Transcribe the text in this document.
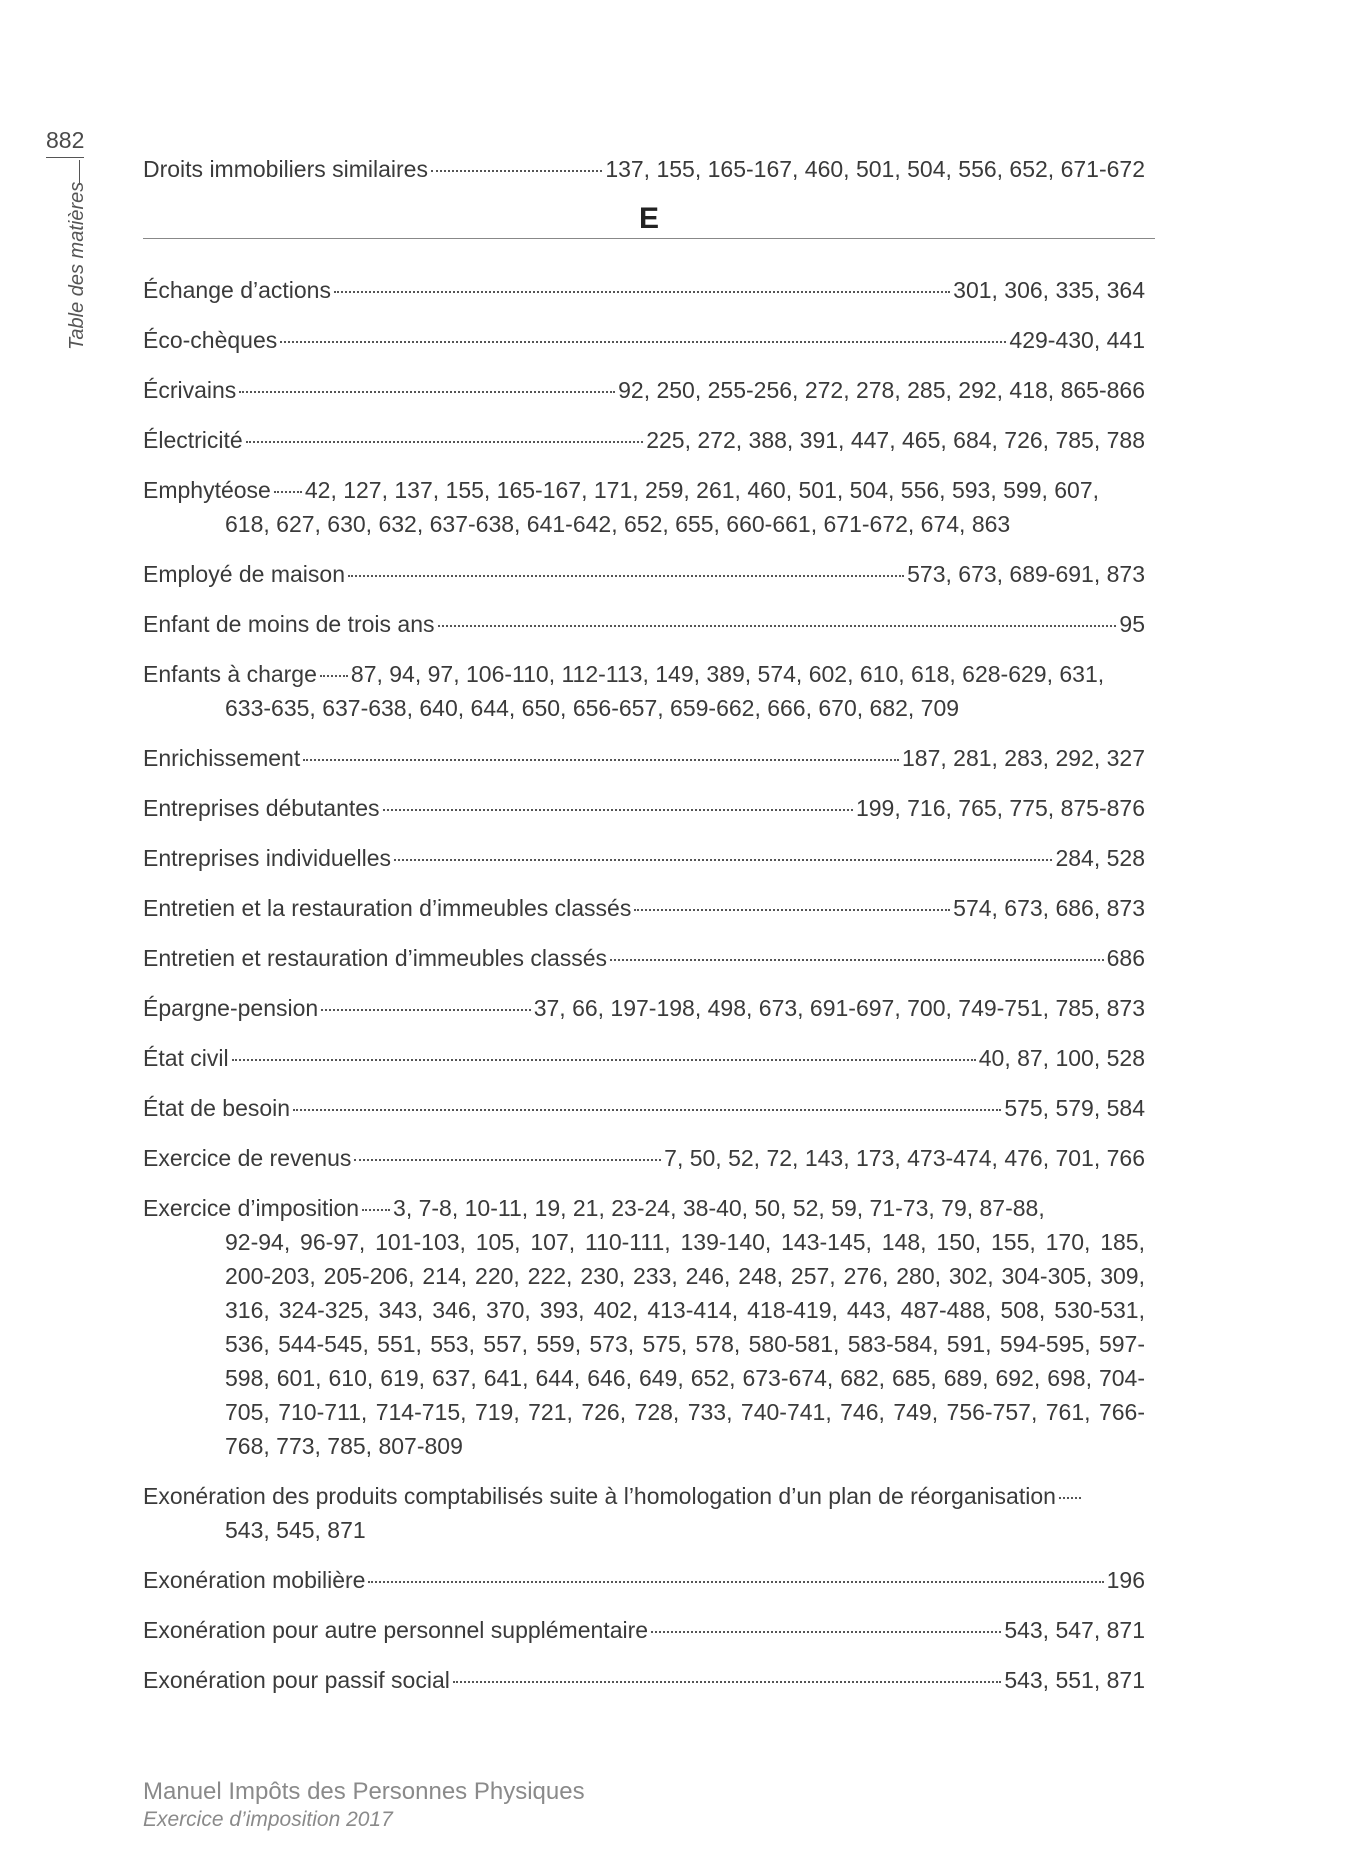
882
Table des matières
Droits immobiliers similaires	137, 155, 165-167, 460, 501, 504, 556, 652, 671-672
E
Échange d’actions	301, 306, 335, 364
Éco-chèques	429-430, 441
Écrivains	92, 250, 255-256, 272, 278, 285, 292, 418, 865-866
Électricité	225, 272, 388, 391, 447, 465, 684, 726, 785, 788
Emphytéose 42, 127, 137, 155, 165-167, 171, 259, 261, 460, 501, 504, 556, 593, 599, 607,
618, 627, 630, 632, 637-638, 641-642, 652, 655, 660-661, 671-672, 674, 863
Employé de maison	573, 673, 689-691, 873
Enfant de moins de trois ans	95
Enfants à charge 87, 94, 97, 106-110, 112-113, 149, 389, 574, 602, 610, 618, 628-629, 631,
633-635, 637-638, 640, 644, 650, 656-657, 659-662, 666, 670, 682, 709
Enrichissement	187, 281, 283, 292, 327
Entreprises débutantes	199, 716, 765, 775, 875-876
Entreprises individuelles	284, 528
Entretien et la restauration d’immeubles classés	574, 673, 686, 873
Entretien et restauration d’immeubles classés	686
Épargne-pension	37, 66, 197-198, 498, 673, 691-697, 700, 749-751, 785, 873
État civil	40, 87, 100, 528
État de besoin	575, 579, 584
Exercice de revenus	7, 50, 52, 72, 143, 173, 473-474, 476, 701, 766
Exercice d’imposition 3, 7-8, 10-11, 19, 21, 23-24, 38-40, 50, 52, 59, 71-73, 79, 87-88,
92-94, 96-97, 101-103, 105, 107, 110-111, 139-140, 143-145, 148, 150, 155, 170, 185, 200-203, 205-206, 214, 220, 222, 230, 233, 246, 248, 257, 276, 280, 302, 304-305, 309, 316, 324-325, 343, 346, 370, 393, 402, 413-414, 418-419, 443, 487-488, 508, 530-531, 536, 544-545, 551, 553, 557, 559, 573, 575, 578, 580-581, 583-584, 591, 594-595, 597-598, 601, 610, 619, 637, 641, 644, 646, 649, 652, 673-674, 682, 685, 689, 692, 698, 704-705, 710-711, 714-715, 719, 721, 726, 728, 733, 740-741, 746, 749, 756-757, 761, 766-768, 773, 785, 807-809
Exonération des produits comptabilisés suite à l’homologation d’un plan de réorganisation
543, 545, 871
Exonération mobilière	196
Exonération pour autre personnel supplémentaire	543, 547, 871
Exonération pour passif social	543, 551, 871
Manuel Impôts des Personnes Physiques
Exercice d’imposition 2017
